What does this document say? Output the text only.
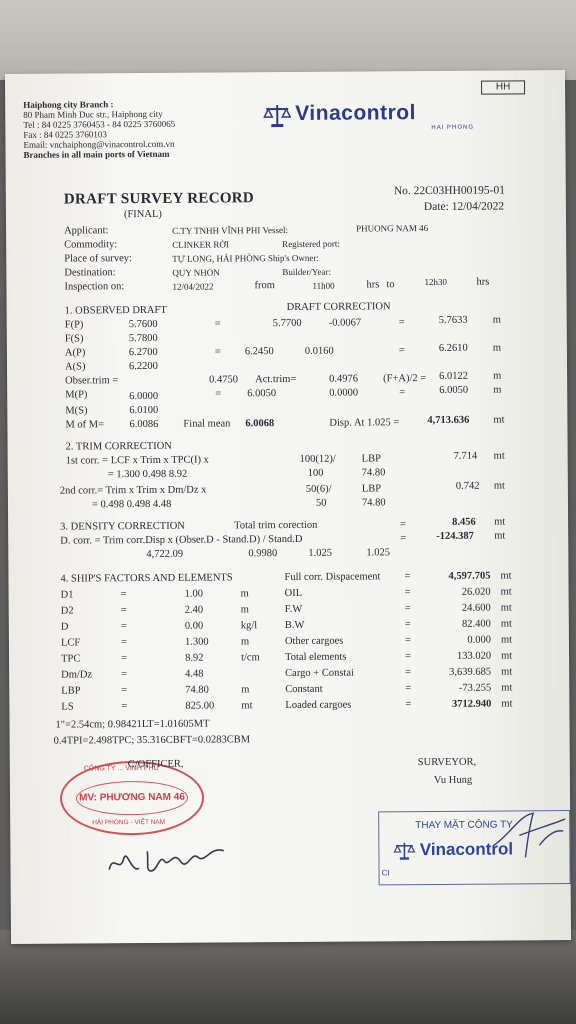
HH
Haiphong city Branch :
80 Pham Minh Duc str., Haiphong city
Tel : 84 0225 3760453 - 84 0225 3760065
Fax : 84 0225 3760103
Email: vnchaiphong@vinacontrol.com.vn
Branches in all main ports of Vietnam
Vinacontrol
HAI PHONG
DRAFT SURVEY RECORD
(FINAL)
No. 22C03HH00195-01
Date: 12/04/2022
Applicant:	C.TY TNHH VĨNH PHI Vessel:	PHUONG NAM 46
Commodity:	CLINKER RỜI	Registered port:
Place of survey:	TỰ LONG, HẢI PHÒNG Ship's Owner:
Destination:	QUY NHON	Builder/Year:
Inspection on:	12/04/2022	from	11h00	hrs to	12h30	hrs
1. OBSERVED DRAFT	DRAFT CORRECTION
F(P)	5.7600	=	5.7700	-0.0067	=	5.7633 m
F(S)	5.7800
A(P)	6.2700	= 6.2450	0.0160	=	6.2610 m
A(S)	6.2200
Obser.trim =	0.4750 Act.trim=	0.4976 (F+A)/2 = 6.0122 m
M(P)	6.0000	= 6.0050	0.0000	=	6.0050 m
M(S)	6.0100
M of M= 6.0086 Final mean 6.0068	Disp. At 1.025 =	4,713.636 mt
2. TRIM CORRECTION
1st corr. = LCF x Trim x TPC(I) x	100(12)/ LBP	7.714 mt
= 1.300 0.498 8.92	100	74.80
2nd corr.= Trim x Trim x Dm/Dz x	50(6)/	LBP	0.742 mt
= 0.498 0.498 4.48	50	74.80
3. DENSITY CORRECTION	Total trim corection	=	8.456 mt
D. corr. = Trim corr.Disp x (Obser.D - Stand.D) / Stand.D	=	-124.387 mt
4,722.09	0.9980	1.025	1.025
4. SHIP'S FACTORS AND ELEMENTS
1"=2.54cm; 0.98421LT=1.01605MT
0.4TPI=2.498TPC; 35.316CBFT=0.0283CBM
C/OFFICER,	SURVEYOR,
Vu Hung
CÔNG TY ... VINH PHU
MV: PHƯƠNG NAM 46
HẢI PHÒNG - VIỆT NAM	THAY MẶT CÔNG TY
Vinacontrol
CI
D1	=	1.00	m
D2	=	2.40	m
D	=	0.00	kg/l
LCF	=	1.300	m
TPC	=	8.92	t/cm
Dm/Dz	=	4.48
LBP	=	74.80	m
LS	=	825.00	mt
Full corr. Dispacement =	4,597.705 mt
OIL	=	26.020 mt
F.W	=	24.600 mt
B.W	=	82.400 mt
Other cargoes	=	0.000 mt
Total elements	=	133.020 mt
Cargo + Constai	=	3,639.685 mt
Constant	=	-73.255 mt
Loaded cargoes	=	3712.940 mt
